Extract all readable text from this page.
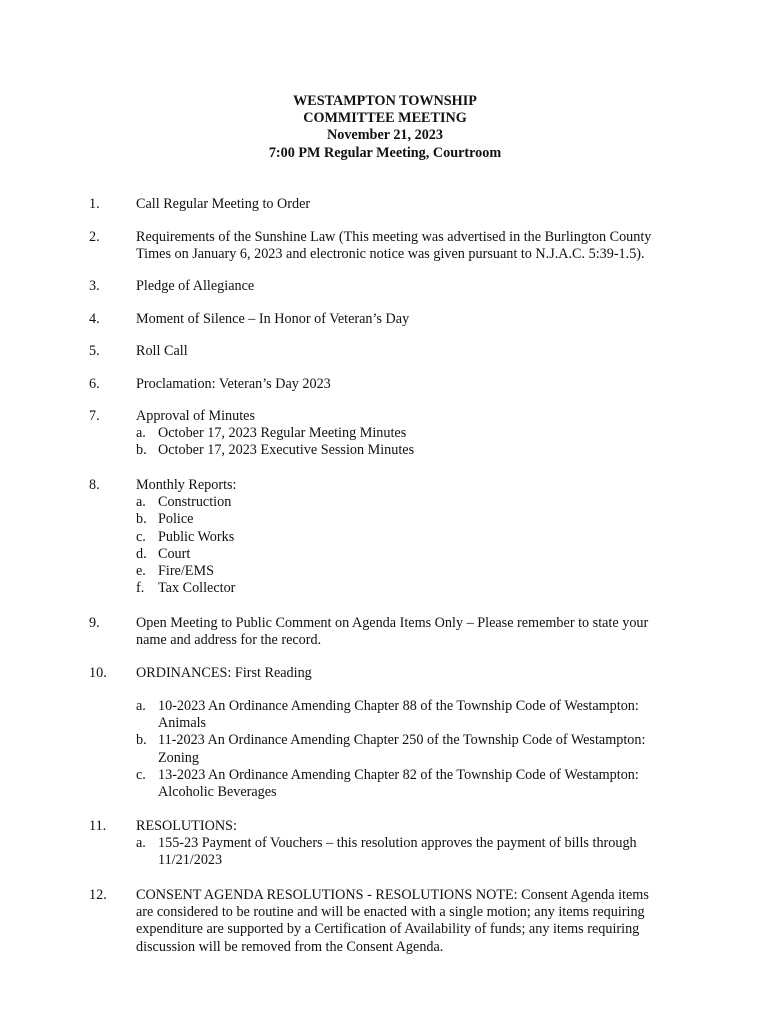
WESTAMPTON TOWNSHIP
COMMITTEE MEETING
November 21, 2023
7:00 PM Regular Meeting, Courtroom
1.	Call Regular Meeting to Order
2.	Requirements of the Sunshine Law (This meeting was advertised in the Burlington County
Times on January 6, 2023 and electronic notice was given pursuant to N.J.A.C. 5:39-1.5).
3.	Pledge of Allegiance
4.	Moment of Silence – In Honor of Veteran’s Day
5.	Roll Call
6.	Proclamation: Veteran’s Day 2023
7.	Approval of Minutes
a. October 17, 2023 Regular Meeting Minutes
b. October 17, 2023 Executive Session Minutes
8.	Monthly Reports:
a. Construction
b. Police
c. Public Works
d. Court
e. Fire/EMS
f. Tax Collector
9.	Open Meeting to Public Comment on Agenda Items Only – Please remember to state your
name and address for the record.
10. ORDINANCES: First Reading
a. 10-2023 An Ordinance Amending Chapter 88 of the Township Code of Westampton:
Animals
b. 11-2023 An Ordinance Amending Chapter 250 of the Township Code of Westampton:
Zoning
c. 13-2023 An Ordinance Amending Chapter 82 of the Township Code of Westampton:
Alcoholic Beverages
11. RESOLUTIONS:
a. 155-23 Payment of Vouchers – this resolution approves the payment of bills through
11/21/2023
12. CONSENT AGENDA RESOLUTIONS - RESOLUTIONS NOTE: Consent Agenda items
are considered to be routine and will be enacted with a single motion; any items requiring
expenditure are supported by a Certification of Availability of funds; any items requiring
discussion will be removed from the Consent Agenda.
